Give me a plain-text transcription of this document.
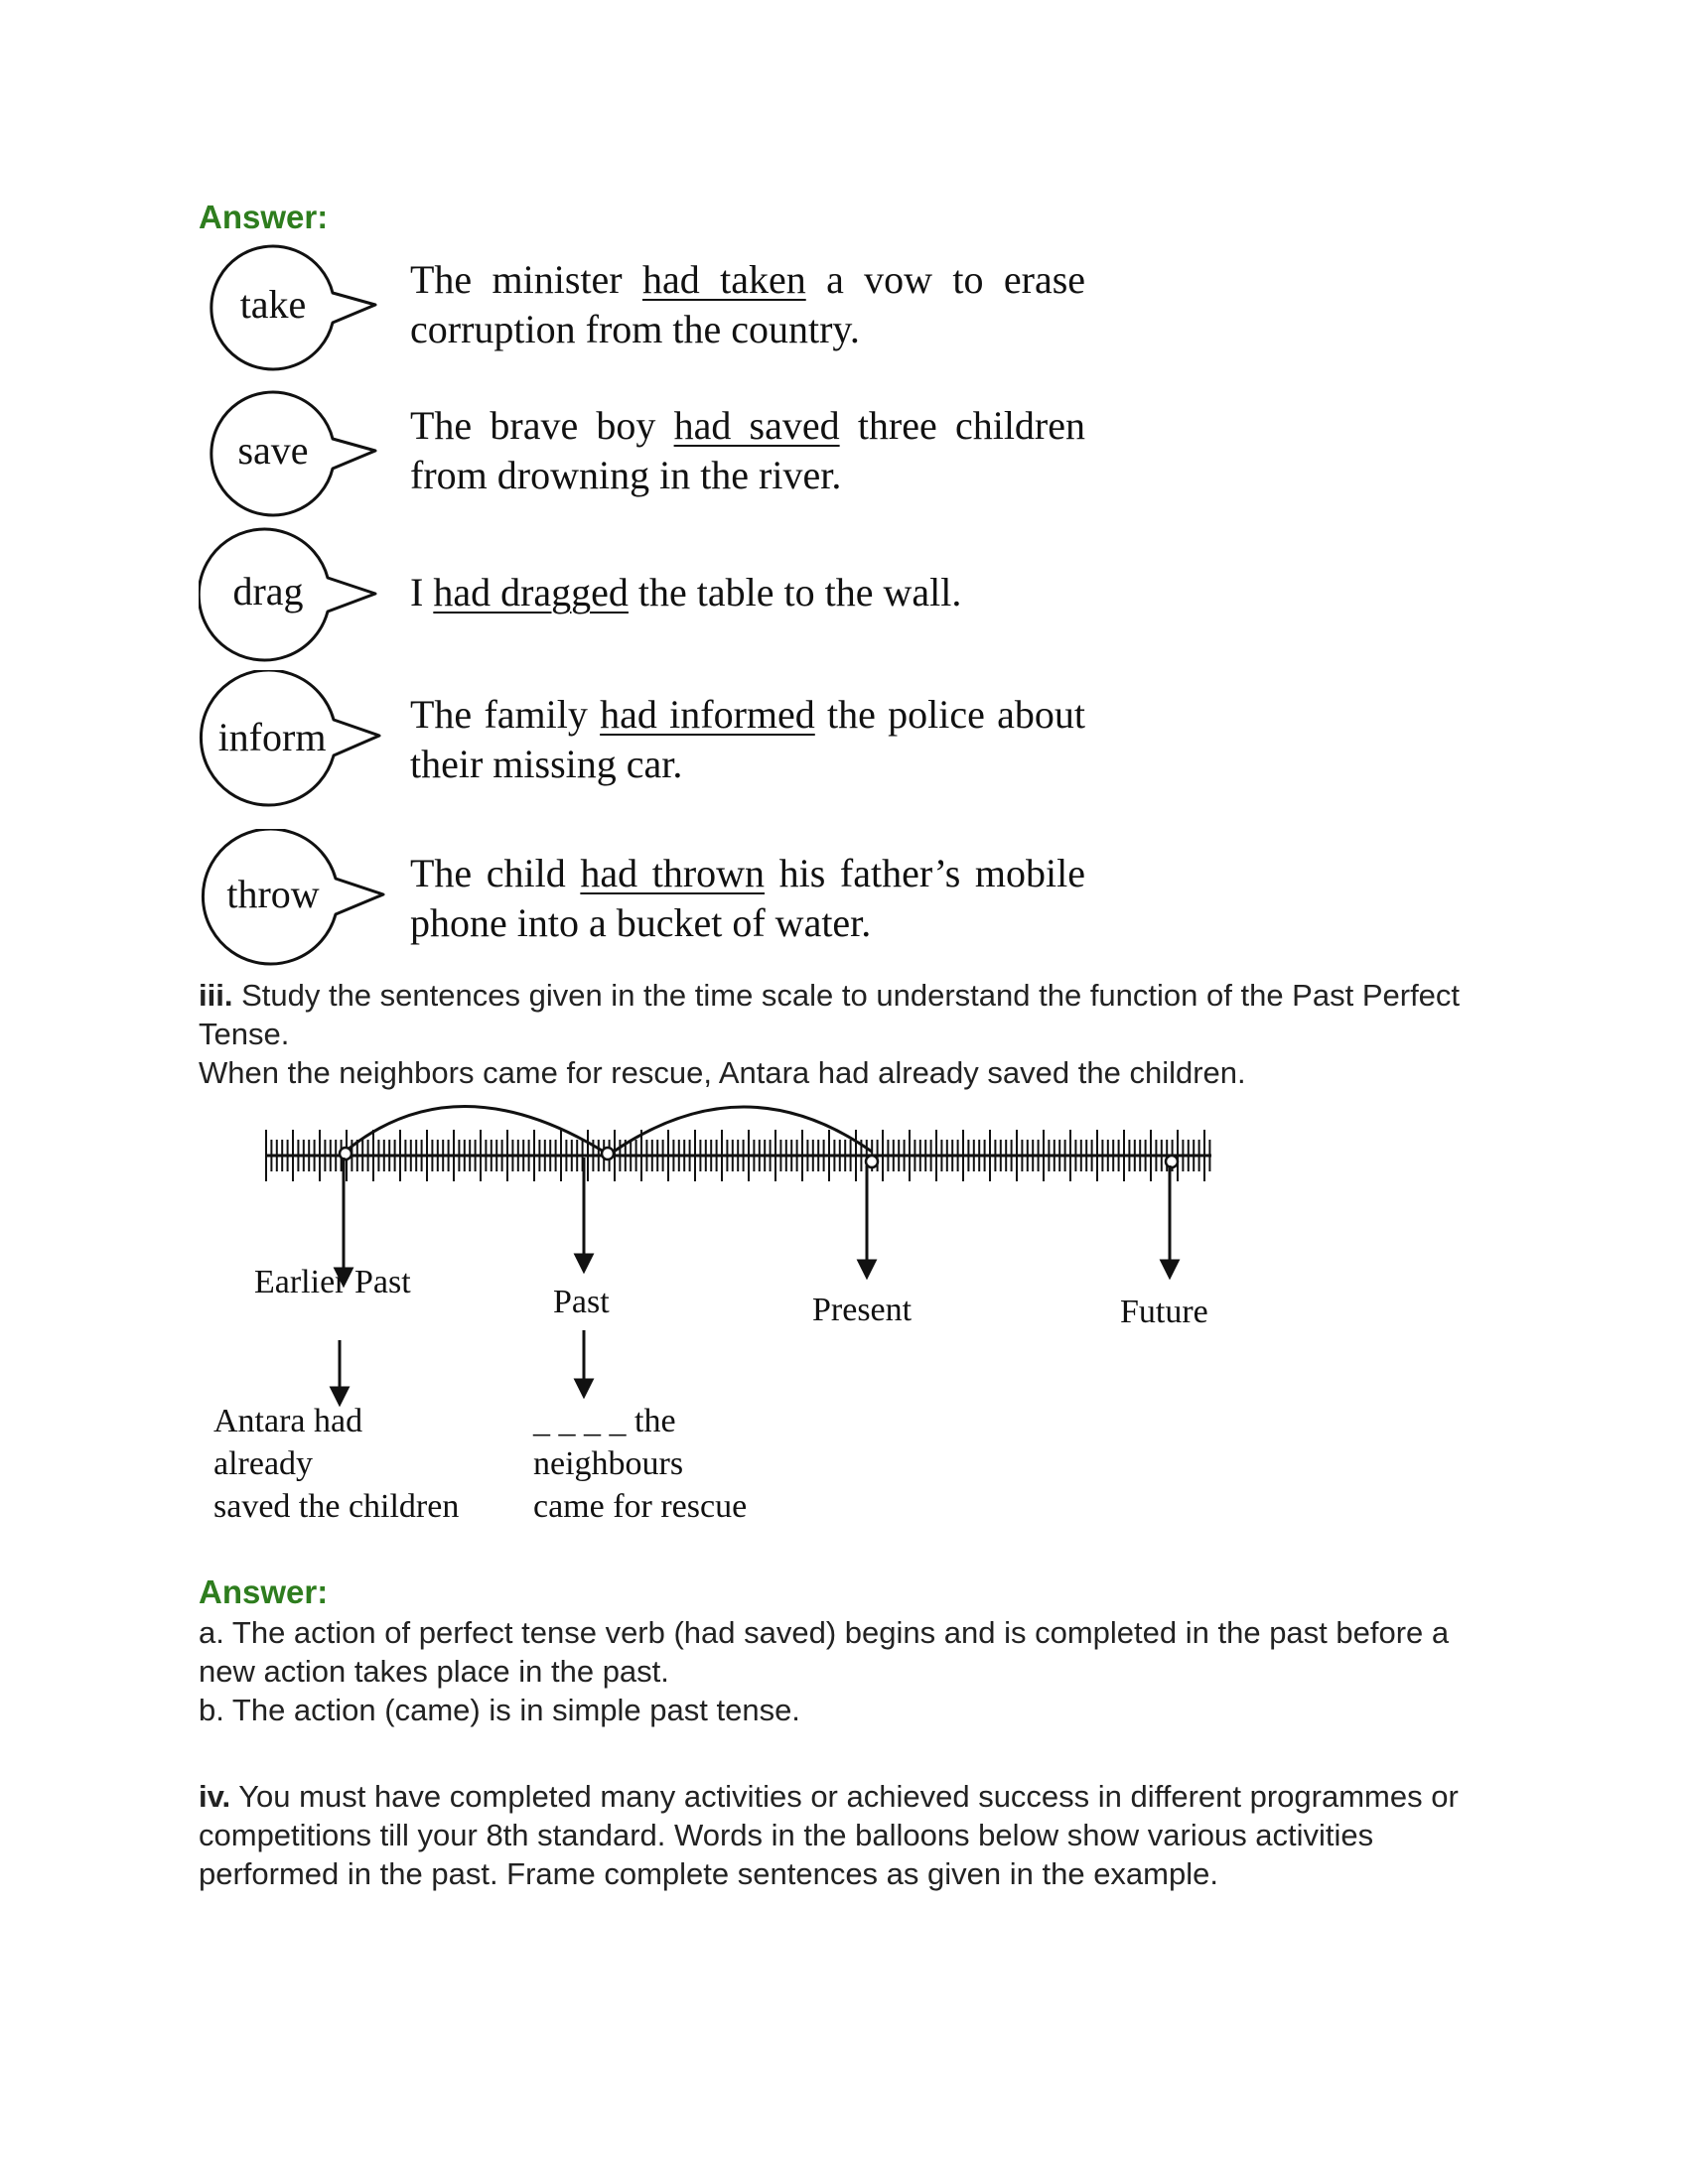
Answer:
take
The minister had taken a vow to erase corruption from the country.
save
The brave boy had saved three children from drowning in the river.
drag	I had dragged the table to the wall.
inform
The family had informed the police about their missing car.
throw	The child had thrown his father’s mobile phone into a bucket of water.
iii. Study the sentences given in the time scale to understand the function of the Past Perfect Tense.
When the neighbors came for rescue, Antara had already saved the children.
Earlier Past
Past	Present	Future
Antara had
already
saved the children
_ _ _ _ the
neighbours
came for rescue
Answer:
a. The action of perfect tense verb (had saved) begins and is completed in the past before a new action takes place in the past.
b. The action (came) is in simple past tense.
iv. You must have completed many activities or achieved success in different programmes or competitions till your 8th standard. Words in the balloons below show various activities performed in the past. Frame complete sentences as given in the example.
